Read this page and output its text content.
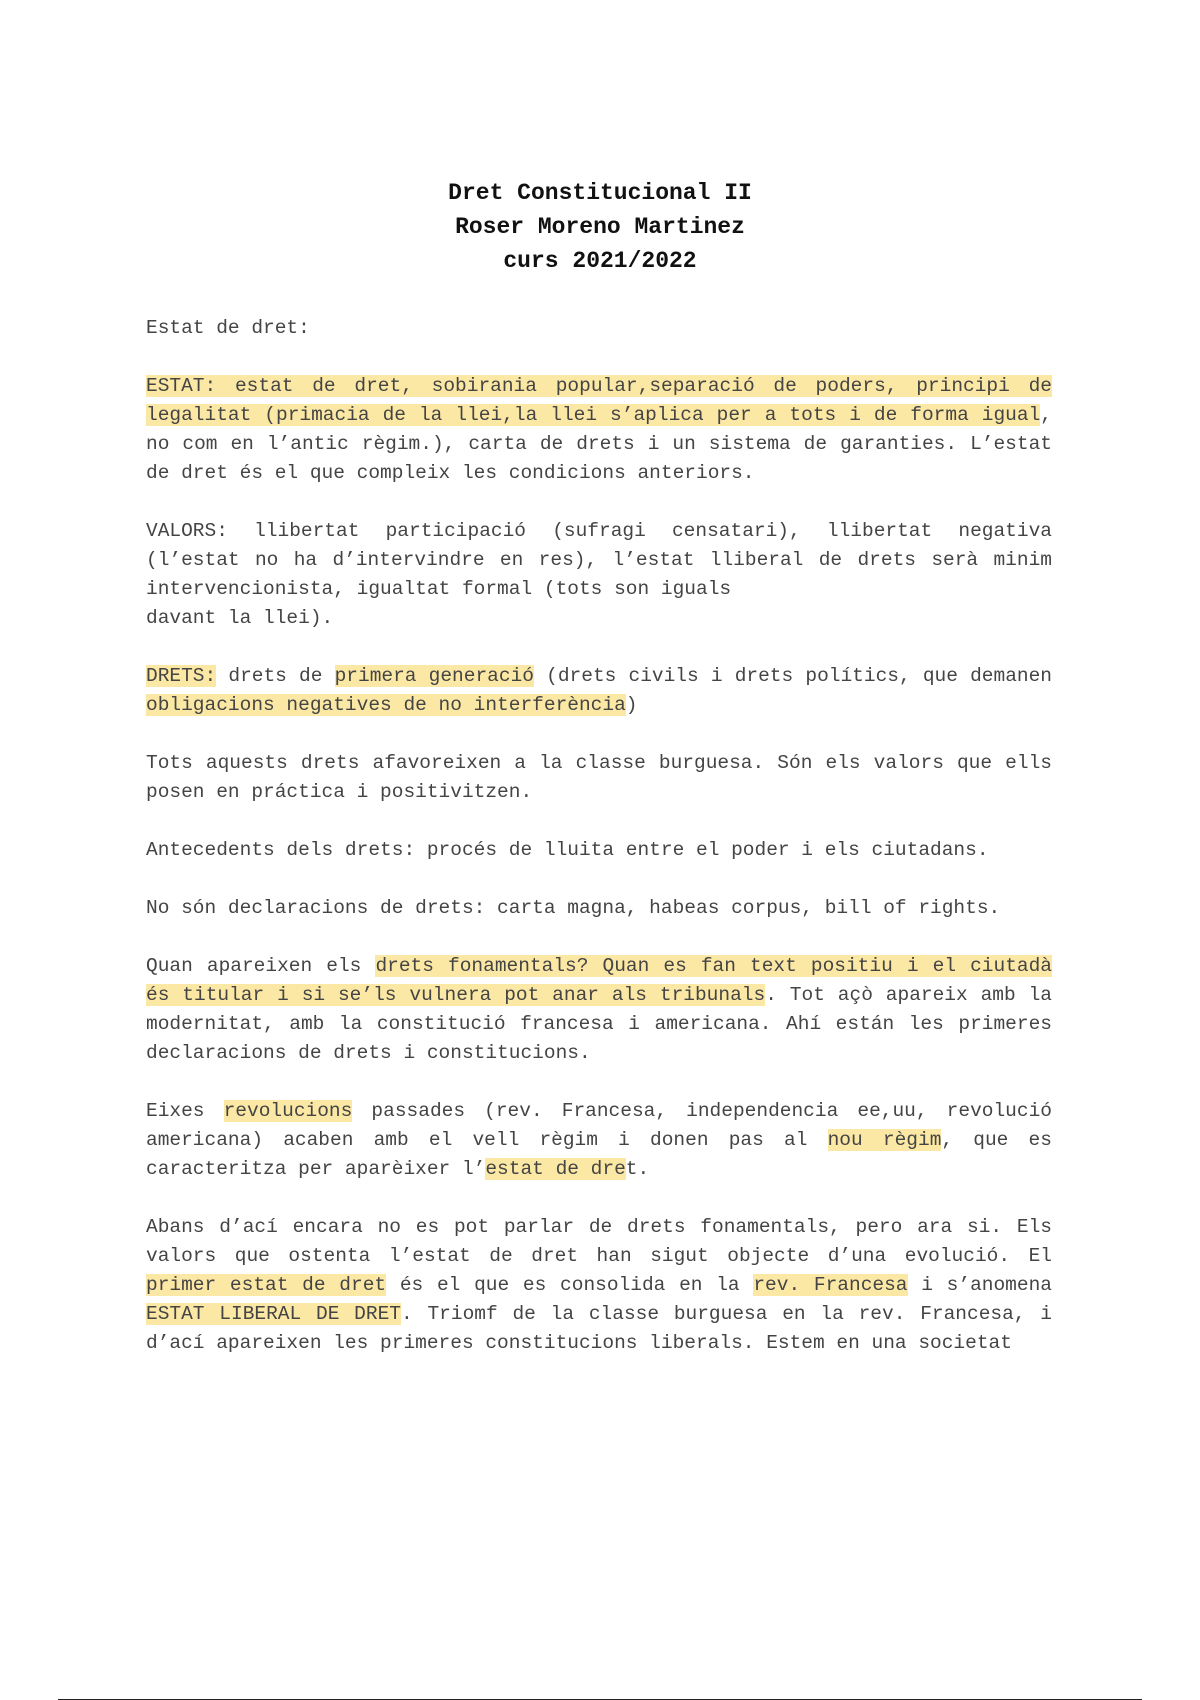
Dret Constitucional II
Roser Moreno Martinez
curs 2021/2022
Estat de dret:
ESTAT: estat de dret, sobirania popular,separació de poders, principi de legalitat (primacia de la llei,la llei s’aplica per a tots i de forma igual, no com en l’antic règim.), carta de drets i un sistema de garanties. L’estat de dret és el que compleix les condicions anteriors.
VALORS: llibertat participació (sufragi censatari), llibertat negativa (l’estat no ha d’intervindre en res), l’estat lliberal de drets serà minim intervencionista, igualtat formal (tots son iguals
davant la llei).
DRETS: drets de primera generació (drets civils i drets polítics, que demanen obligacions negatives de no interferència)
Tots aquests drets afavoreixen a la classe burguesa. Són els valors que ells posen en práctica i positivitzen.
Antecedents dels drets: procés de lluita entre el poder i els ciutadans.
No són declaracions de drets: carta magna, habeas corpus, bill of rights.
Quan apareixen els drets fonamentals? Quan es fan text positiu i el ciutadà és titular i si se’ls vulnera pot anar als tribunals. Tot açò apareix amb la modernitat, amb la constitució francesa i americana. Ahí están les primeres declaracions de drets i constitucions.
Eixes revolucions passades (rev. Francesa, independencia ee,uu, revolució americana) acaben amb el vell règim i donen pas al nou règim, que es caracteritza per aparèixer l’estat de dret.
Abans d’ací encara no es pot parlar de drets fonamentals, pero ara si. Els valors que ostenta l’estat de dret han sigut objecte d’una evolució. El primer estat de dret és el que es consolida en la rev. Francesa i s’anomena ESTAT LIBERAL DE DRET. Triomf de la classe burguesa en la rev. Francesa, i d’ací apareixen les primeres constitucions liberals. Estem en una societat
